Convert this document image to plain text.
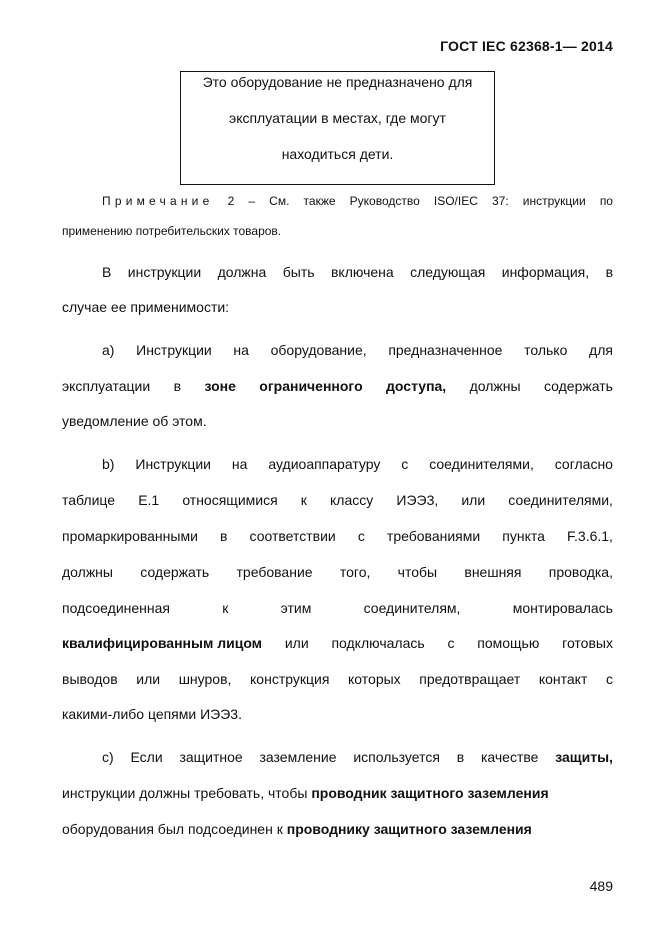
ГОСТ IEC 62368-1— 2014
Это оборудование не предназначено для
эксплуатации в местах, где могут
находиться дети.
Примечание 2 – См. также Руководство ISO/IEC 37: инструкции по
применению потребительских товаров.
В инструкции должна быть включена следующая информация, в
случае ее применимости:
а) Инструкции на оборудование, предназначенное только для
эксплуатации в зоне ограниченного доступа, должны содержать
уведомление об этом.
b) Инструкции на аудиоаппаратуру с соединителями, согласно
таблице Е.1 относящимися к классу ИЭЭ3, или соединителями,
промаркированными в соответствии с требованиями пункта F.3.6.1,
должны содержать требование того, чтобы внешняя проводка,
подсоединенная	к	этим	соединителям,	монтировалась
квалифицированным лицом или подключалась с помощью готовых
выводов или шнуров, конструкция которых предотвращает контакт с
какими-либо цепями ИЭЭ3.
с) Если защитное заземление используется в качестве защиты,
инструкции должны требовать, чтобы проводник защитного заземления
оборудования был подсоединен к проводнику защитного заземления
489
